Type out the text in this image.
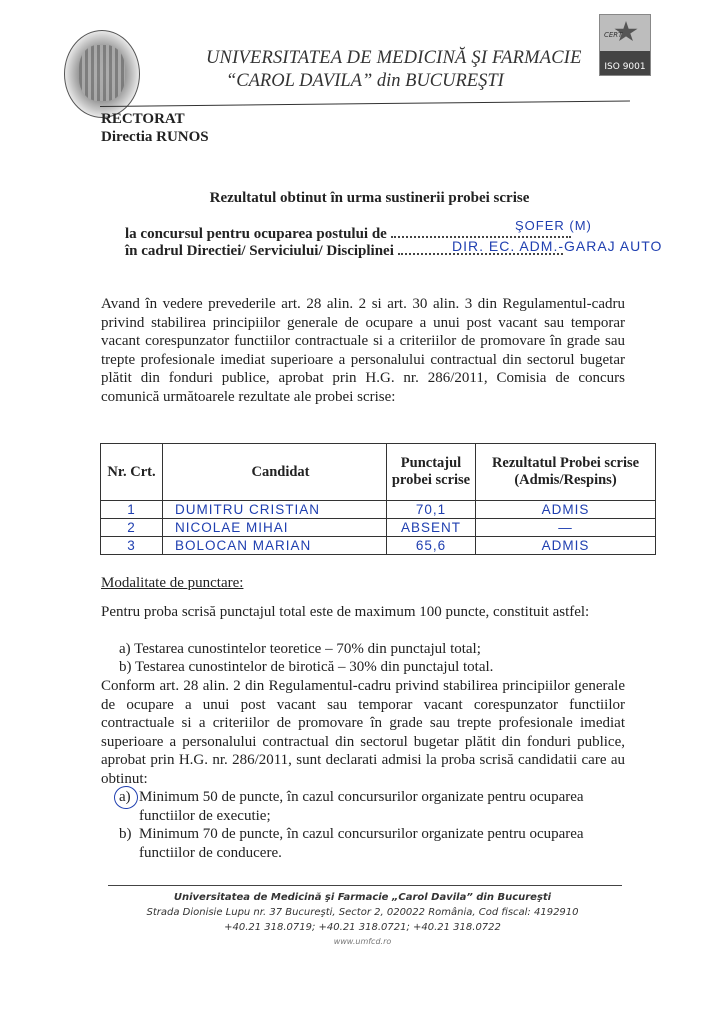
UNIVERSITATEA DE MEDICINĂ ŞI FARMACIE
“CAROL DAVILA” din BUCUREŞTI
CERT
ISO 9001
RECTORAT
Directia RUNOS
Rezultatul obtinut în urma sustinerii probei scrise
la concursul pentru ocuparea postului de
ŞOFER (M)
în cadrul Directiei/ Serviciului/ Disciplinei	DIR. EC. ADM.-GARAJ AUTO
Avand în vedere prevederile art. 28 alin. 2 si art. 30 alin. 3 din Regulamentul-cadru privind stabilirea principiilor generale de ocupare a unui post vacant sau temporar vacant corespunzator functiilor contractuale si a criteriilor de promovare în grade sau trepte profesionale imediat superioare a personalului contractual din sectorul bugetar plătit din fonduri publice, aprobat prin H.G. nr. 286/2011, Comisia de concurs comunică următoarele rezultate ale probei scrise:
Nr. Crt.	Candidat	Punctajul probei scrise	Rezultatul Probei scrise (Admis/Respins)
1	DUMITRU CRISTIAN	70,1	ADMIS
2	NICOLAE MIHAI	ABSENT	—
3	BOLOCAN MARIAN	65,6	ADMIS
Modalitate de punctare:
Pentru proba scrisă punctajul total este de maximum 100 puncte, constituit astfel:
a) Testarea cunostintelor teoretice – 70% din punctajul total;
b) Testarea cunostintelor de birotică – 30% din punctajul total.
Conform art. 28 alin. 2 din Regulamentul-cadru privind stabilirea principiilor generale de ocupare a unui post vacant sau temporar vacant corespunzator functiilor contractuale si a criteriilor de promovare în grade sau trepte profesionale imediat superioare a personalului contractual din sectorul bugetar plătit din fonduri publice, aprobat prin H.G. nr. 286/2011, sunt declarati admisi la proba scrisă candidatii care au obtinut:
a) Minimum 50 de puncte, în cazul concursurilor organizate pentru ocuparea functiilor de executie;
b) Minimum 70 de puncte, în cazul concursurilor organizate pentru ocuparea functiilor de conducere.
Universitatea de Medicină şi Farmacie „Carol Davila” din Bucureşti
Strada Dionisie Lupu nr. 37 Bucureşti, Sector 2, 020022 România, Cod fiscal: 4192910
+40.21 318.0719; +40.21 318.0721; +40.21 318.0722
www.umfcd.ro
